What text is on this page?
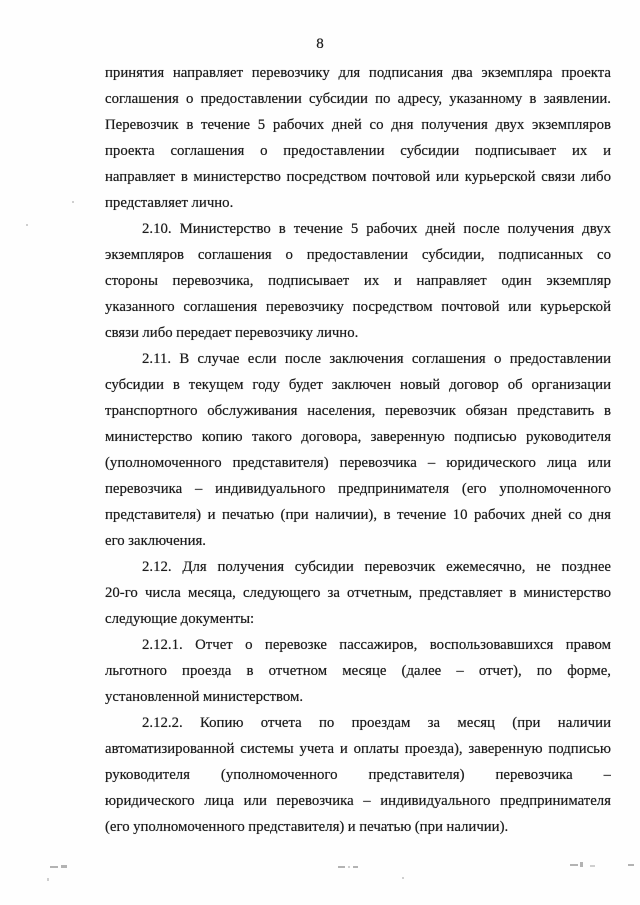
8
принятия направляет перевозчику для подписания два экземпляра проекта
соглашения о предоставлении субсидии по адресу, указанному в заявлении.
Перевозчик в течение 5 рабочих дней со дня получения двух экземпляров
проекта соглашения о предоставлении субсидии подписывает их и
направляет в министерство посредством почтовой или курьерской связи либо
представляет лично.
2.10. Министерство в течение 5 рабочих дней после получения двух
экземпляров соглашения о предоставлении субсидии, подписанных со
стороны перевозчика, подписывает их и направляет один экземпляр
указанного соглашения перевозчику посредством почтовой или курьерской
связи либо передает перевозчику лично.
2.11. В случае если после заключения соглашения о предоставлении
субсидии в текущем году будет заключен новый договор об организации
транспортного обслуживания населения, перевозчик обязан представить в
министерство копию такого договора, заверенную подписью руководителя
(уполномоченного представителя) перевозчика – юридического лица или
перевозчика – индивидуального предпринимателя (его уполномоченного
представителя) и печатью (при наличии), в течение 10 рабочих дней со дня
его заключения.
2.12. Для получения субсидии перевозчик ежемесячно, не позднее
20-го числа месяца, следующего за отчетным, представляет в министерство
следующие документы:
2.12.1. Отчет о перевозке пассажиров, воспользовавшихся правом
льготного проезда в отчетном месяце (далее – отчет), по форме,
установленной министерством.
2.12.2. Копию отчета по проездам за месяц (при наличии
автоматизированной системы учета и оплаты проезда), заверенную подписью
руководителя (уполномоченного представителя) перевозчика –
юридического лица или перевозчика – индивидуального предпринимателя
(его уполномоченного представителя) и печатью (при наличии).
